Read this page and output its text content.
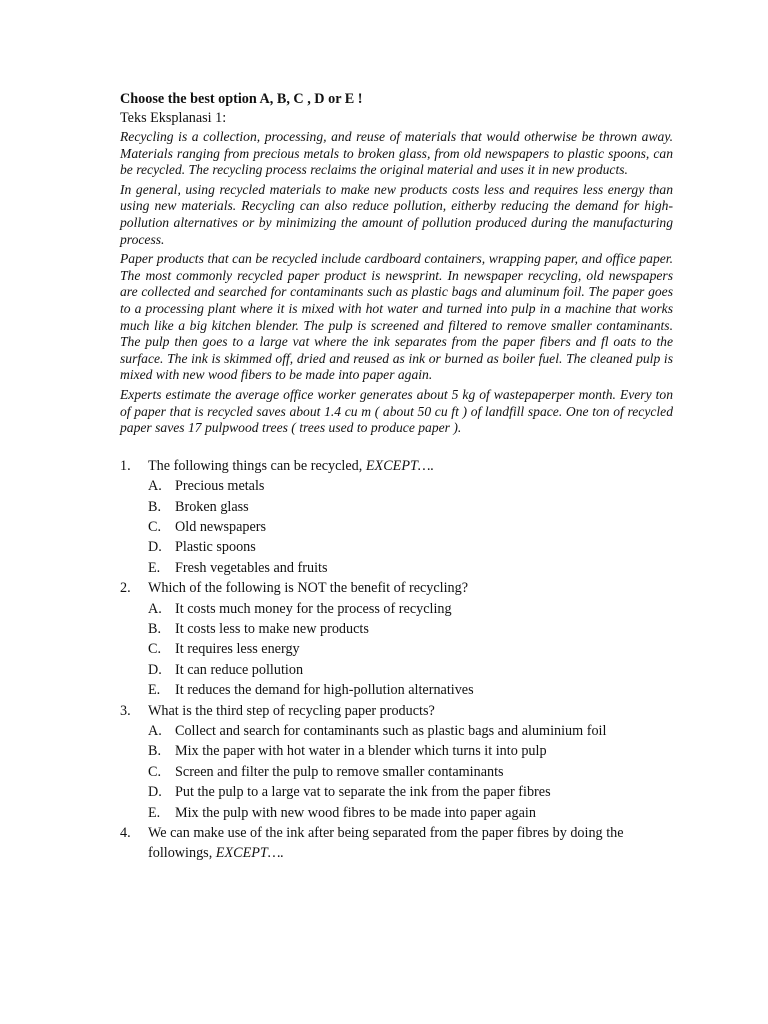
Choose the best option A, B, C , D or E !

Teks Eksplanasi 1:

Recycling is a collection, processing, and reuse of materials that would otherwise be thrown away. Materials ranging from precious metals to broken glass, from old newspapers to plastic spoons, can be recycled. The recycling process reclaims the original material and uses it in new products.

In general, using recycled materials to make new products costs less and requires less energy than using new materials. Recycling can also reduce pollution, eitherby reducing the demand for high-pollution alternatives or by minimizing the amount of pollution produced during the manufacturing process.

Paper products that can be recycled include cardboard containers, wrapping paper, and office paper. The most commonly recycled paper product is newsprint. In newspaper recycling, old newspapers are collected and searched for contaminants such as plastic bags and aluminum foil. The paper goes to a processing plant where it is mixed with hot water and turned into pulp in a machine that works much like a big kitchen blender. The pulp is screened and filtered to remove smaller contaminants. The pulp then goes to a large vat where the ink separates from the paper fibers and fl oats to the surface. The ink is skimmed off, dried and reused as ink or burned as boiler fuel. The cleaned pulp is mixed with new wood fibers to be made into paper again.

Experts estimate the average office worker generates about 5 kg of wastepaperper month. Every ton of paper that is recycled saves about 1.4 cu m ( about 50 cu ft ) of landfill space. One ton of recycled paper saves 17 pulpwood trees ( trees used to produce paper ).

1. The following things can be recycled, EXCEPT….
A. Precious metals
B. Broken glass
C. Old newspapers
D. Plastic spoons
E. Fresh vegetables and fruits
2. Which of the following is NOT the benefit of recycling?
A. It costs much money for the process of recycling
B. It costs less to make new products
C. It requires less energy
D. It can reduce pollution
E. It reduces the demand for high-pollution alternatives
3. What is the third step of recycling paper products?
A. Collect and search for contaminants such as plastic bags and aluminium foil
B. Mix the paper with hot water in a blender which turns it into pulp
C. Screen and filter the pulp to remove smaller contaminants
D. Put the pulp to a large vat to separate the ink from the paper fibres
E. Mix the pulp with new wood fibres to be made into paper again
4. We can make use of the ink after being separated from the paper fibres by doing the followings, EXCEPT….
